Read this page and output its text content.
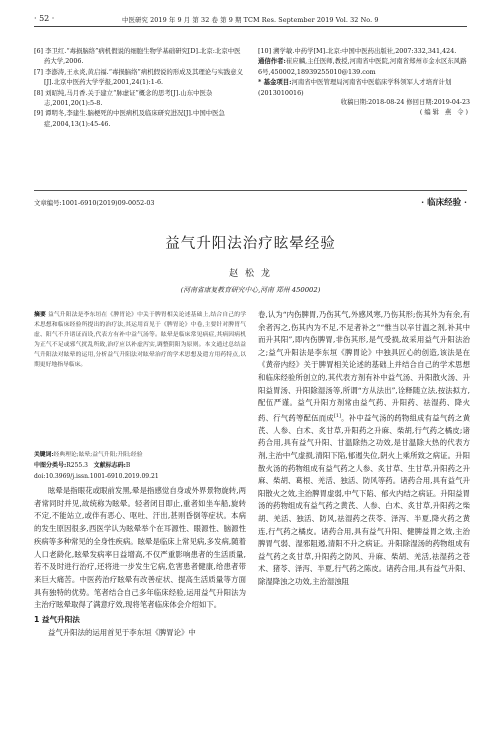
· 52 ·	中医研究 2019 年 9 月 第 32 卷 第 9 期 TCM Res. September 2019 Vol. 32 No. 9

[6] 李卫红.“毒损脑络”病机假说的细胞生物学基础研究[D].北京:北京中医药大学,2006.

[7] 李澎涛,王永炎,黄启福.“毒损脑络”病机假说的形成及其理论与实践意义[J].北京中医药大学学报,2001,24(1):1-6.

[8] 刘昭纯,马月香.关于建立“脉虚证”概念的思考[J].山东中医杂志,2001,20(1):5-8.

[9] 谭明冬,李建生.脑梗死的中医病机及临床研究进况[J].中国中医急症,2004,13(1):45-46.

[10] 溯学敏.中药学[M].北京:中国中医药出版社,2007:332,341,424.

通信作者:崔应麟,主任医师,教授,河南省中医院,河南省郑州市金水区东风路6号,450002,18939255010@139.com

* 基金项目:河南省中医管理局河南省中医临床学科领军人才培育计划(2013010016)

收稿日期:2018-08-24 修回日期:2019-04-23

(编辑 燕 令)

文章编号:1001-6910(2019)09-0052-03	· 临床经验 ·
益气升阳法治疗眩晕经验
赵 松 龙
(河南省康复教育研究中心,河南 郑州 450002)
摘要 益气升阳法是李东垣在《脾胃论》中关于脾胃相关论述基础上,结合自己的学术思想和临床经验所提出的治疗法,其运用首见于《脾胃论》中卷,主要针对脾胃气虚、阳气不升诸证而设,代表方有补中益气汤等。眩晕是临床常见病症,其病因病机为正气不足或邪气扰乱所致,治疗应以补虚泻实,调整阴阳为原则。本文通过总结益气升阳法对眩晕的运用,分析益气升阳法对眩晕治疗的学术思想及遣方用药特点,以期更好地指导临床。
关键词:经典理论;眩晕;益气升阳;升阳;经验
中图分类号:R255.3 文献标志码:B
doi:10.3969/j.issn.1001-6910.2019.09.21

眩晕是指眼花或眼前发黑,晕是指感觉自身或外界景物旋转,两者常同时并见,故统称为眩晕。轻者闭目即止,重者如坐车船,旋转不定,不能站立,或伴有恶心、呕吐、汗出,甚则昏倒等症状。本病的发生原因很多,西医学认为眩晕举个在耳源性、眼源性、脑源性疾病等多种常见的全身性疾病。眩晕是临床上常见病,多发病,随着人口老龄化,眩晕发病率日益增高,不仅严重影响患者的生活质量,若不及时进行治疗,还将进一步发生它病,危害患者健康,给患者带来巨大痛苦。中医药治疗眩晕有改善症状、提高生活质量等方面具有独特的优势。笔者结合自己多年临床经验,运用益气升阳法为主治疗眩晕取得了满意疗效,现将笔者临床体会介绍如下。

1 益气升阳法

益气升阳法的运用首见于李东垣《脾胃论》中

卷,认为“内伤脾胃,乃伤其气,外感风寒,乃伤其形;伤其外为有余,有余者泻之,伤其内为不足,不足者补之”“惟当以辛甘温之剂,补其中而升其阳”,即内伤脾胃,非伤其形,是气受损,故采用益气升阳法治之;益气升阳法是李东垣《脾胃论》中独具匠心的创造,该法是在《黄帝内经》关于脾胃相关论述的基础上并结合自己的学术思想和临床经验所创立的,其代表方剂有补中益气汤、升阳散火汤、升阳益胃汤、升阳除湿汤等,所谓“方从法出”,诠释随立法,按法拟方,配伍严谨。益气升阳方剂常由益气药、升阳药、祛湿药、降火药、行气药等配伍而成[1]。补中益气汤的药物组成有益气药之黄芪、人参、白术、炙甘草,升阳药之升麻、柴胡,行气药之橘皮;诸药合用,具有益气升阳、甘温除热之功效,是甘温除大热的代表方剂,主治中气虚损,清阳下陷,郁遏失位,阴火上乘所致之病证。升阳散火汤的药物组成有益气药之人参、炙甘草、生甘草,升阳药之升麻、柴胡、葛根、羌活、独活、防风等药。诸药合用,具有益气升阳散火之效,主治脾胃虚弱,中气下陷、郁火内结之病证。升阳益胃汤的药物组成有益气药之黄芪、人参、白术、炙甘草,升阳药之柴胡、羌活、独活、防风,祛湿药之茯苓、泽泻、半夏,降火药之黄连,行气药之橘皮。诸药合用,具有益气升阳、健脾益胃之效,主治脾胃气弱、湿邪阻遏,清阳不升之病证。升阳除湿汤的药物组成有益气药之炙甘草,升阳药之防风、升麻、柴胡、羌活,祛湿药之苍术、猪苓、泽泻、半夏,行气药之陈皮。诸药合用,具有益气升阳、除湿降浊之功效,主治湿浊阻
